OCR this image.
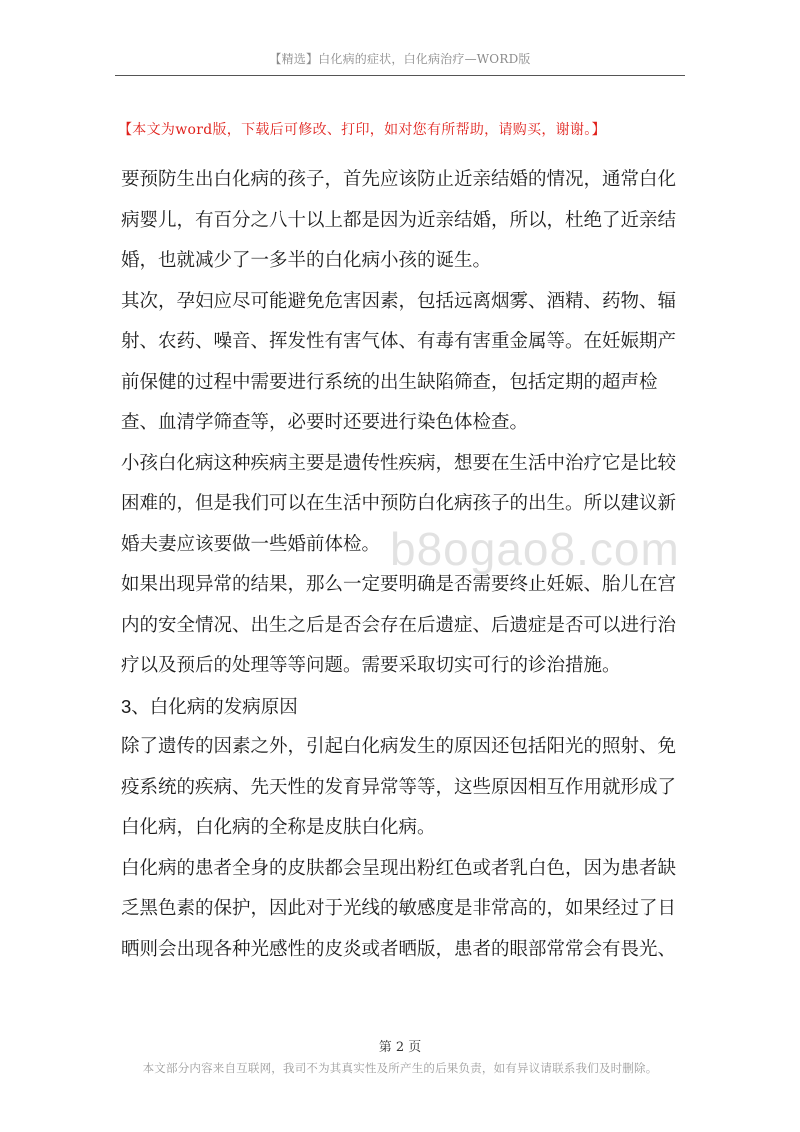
【精选】白化病的症状，白化病治疗—WORD版
【本文为word版，下载后可修改、打印，如对您有所帮助，请购买，谢谢。】
b8ogao8.com

要预防生出白化病的孩子，首先应该防止近亲结婚的情况，通常白化
病婴儿，有百分之八十以上都是因为近亲结婚，所以，杜绝了近亲结
婚，也就减少了一多半的白化病小孩的诞生。

其次，孕妇应尽可能避免危害因素，包括远离烟雾、酒精、药物、辐
射、农药、噪音、挥发性有害气体、有毒有害重金属等。在妊娠期产
前保健的过程中需要进行系统的出生缺陷筛查，包括定期的超声检
查、血清学筛查等，必要时还要进行染色体检查。

小孩白化病这种疾病主要是遗传性疾病，想要在生活中治疗它是比较
困难的，但是我们可以在生活中预防白化病孩子的出生。所以建议新
婚夫妻应该要做一些婚前体检。

如果出现异常的结果，那么一定要明确是否需要终止妊娠、胎儿在宫
内的安全情况、出生之后是否会存在后遗症、后遗症是否可以进行治
疗以及预后的处理等等问题。需要采取切实可行的诊治措施。

3、白化病的发病原因

除了遗传的因素之外，引起白化病发生的原因还包括阳光的照射、免
疫系统的疾病、先天性的发育异常等等，这些原因相互作用就形成了
白化病，白化病的全称是皮肤白化病。

白化病的患者全身的皮肤都会呈现出粉红色或者乳白色，因为患者缺
乏黑色素的保护，因此对于光线的敏感度是非常高的，如果经过了日
晒则会出现各种光感性的皮炎或者晒版，患者的眼部常常会有畏光、

第 2 页
本文部分内容来自互联网，我司不为其真实性及所产生的后果负责，如有异议请联系我们及时删除。
